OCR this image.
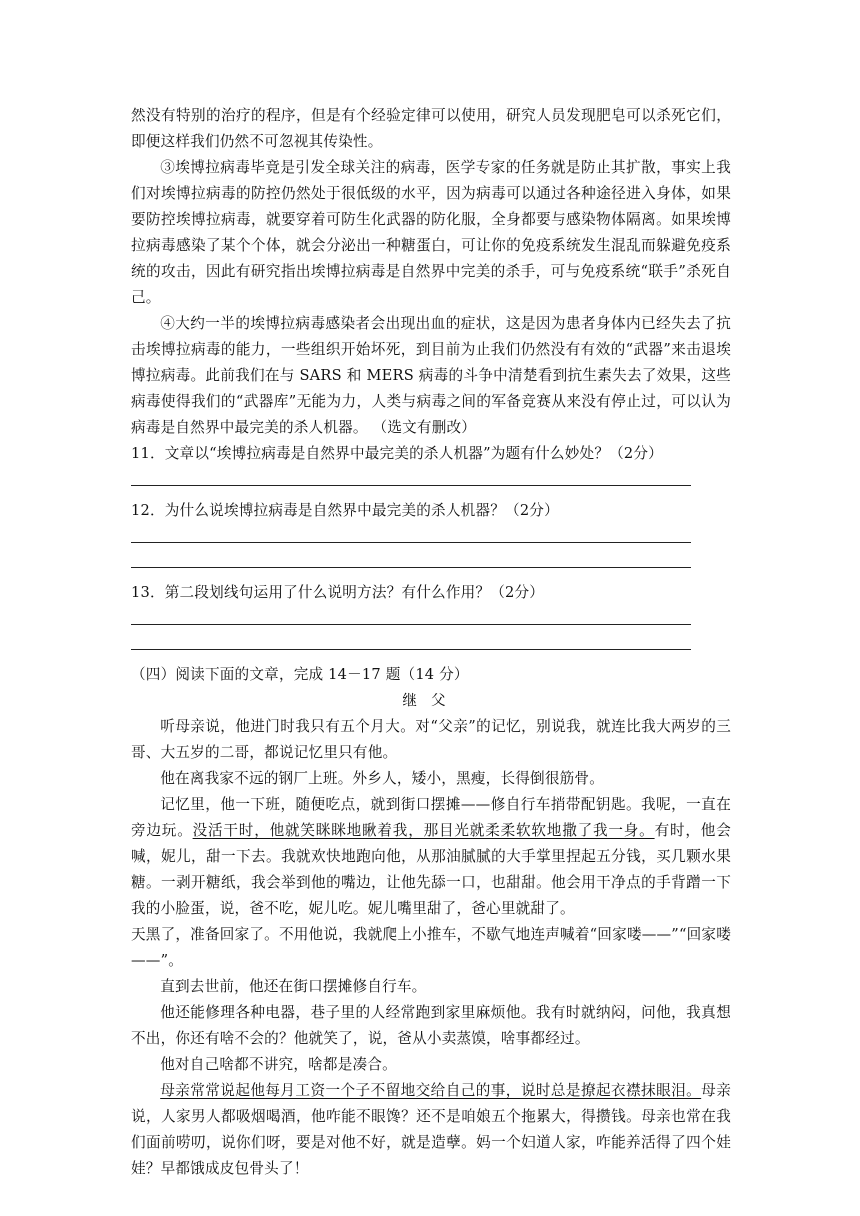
然没有特别的治疗的程序，但是有个经验定律可以使用，研究人员发现肥皂可以杀死它们，即便这样我们仍然不可忽视其传染性。

③埃博拉病毒毕竟是引发全球关注的病毒，医学专家的任务就是防止其扩散，事实上我们对埃博拉病毒的防控仍然处于很低级的水平，因为病毒可以通过各种途径进入身体，如果要防控埃博拉病毒，就要穿着可防生化武器的防化服，全身都要与感染物体隔离。如果埃博拉病毒感染了某个个体，就会分泌出一种糖蛋白，可让你的免疫系统发生混乱而躲避免疫系统的攻击，因此有研究指出埃博拉病毒是自然界中完美的杀手，可与免疫系统“联手”杀死自己。

④大约一半的埃博拉病毒感染者会出现出血的症状，这是因为患者身体内已经失去了抗击埃博拉病毒的能力，一些组织开始坏死，到目前为止我们仍然没有有效的“武器”来击退埃博拉病毒。此前我们在与 SARS 和 MERS 病毒的斗争中清楚看到抗生素失去了效果，这些病毒使得我们的“武器库”无能为力，人类与病毒之间的军备竞赛从来没有停止过，可以认为病毒是自然界中最完美的杀人机器。 （选文有删改）

11．文章以“埃博拉病毒是自然界中最完美的杀人机器”为题有什么妙处？（2分）

12．为什么说埃博拉病毒是自然界中最完美的杀人机器？（2分）

13．第二段划线句运用了什么说明方法？有什么作用？（2分）

（四）阅读下面的文章，完成 14－17 题（14 分）

继父

听母亲说，他进门时我只有五个月大。对“父亲”的记忆，别说我，就连比我大两岁的三哥、大五岁的二哥，都说记忆里只有他。

他在离我家不远的钢厂上班。外乡人，矮小，黑瘦，长得倒很筋骨。

记忆里，他一下班，随便吃点，就到街口摆摊——修自行车捎带配钥匙。我呢，一直在旁边玩。没活干时，他就笑眯眯地瞅着我，那目光就柔柔软软地撒了我一身。有时，他会喊，妮儿，甜一下去。我就欢快地跑向他，从那油腻腻的大手掌里捏起五分钱，买几颗水果糖。一剥开糖纸，我会举到他的嘴边，让他先舔一口，也甜甜。他会用干净点的手背蹭一下我的小脸蛋，说，爸不吃，妮儿吃。妮儿嘴里甜了，爸心里就甜了。

天黑了，准备回家了。不用他说，我就爬上小推车，不歇气地连声喊着“回家喽——”“回家喽——”。

直到去世前，他还在街口摆摊修自行车。

他还能修理各种电器，巷子里的人经常跑到家里麻烦他。我有时就纳闷，问他，我真想不出，你还有啥不会的？他就笑了，说，爸从小卖蒸馍，啥事都经过。

他对自己啥都不讲究，啥都是凑合。

母亲常常说起他每月工资一个子不留地交给自己的事，说时总是撩起衣襟抹眼泪。母亲说，人家男人都吸烟喝酒，他咋能不眼馋？还不是咱娘五个拖累大，得攒钱。母亲也常在我们面前唠叨，说你们呀，要是对他不好，就是造孽。妈一个妇道人家，咋能养活得了四个娃娃？早都饿成皮包骨头了！
